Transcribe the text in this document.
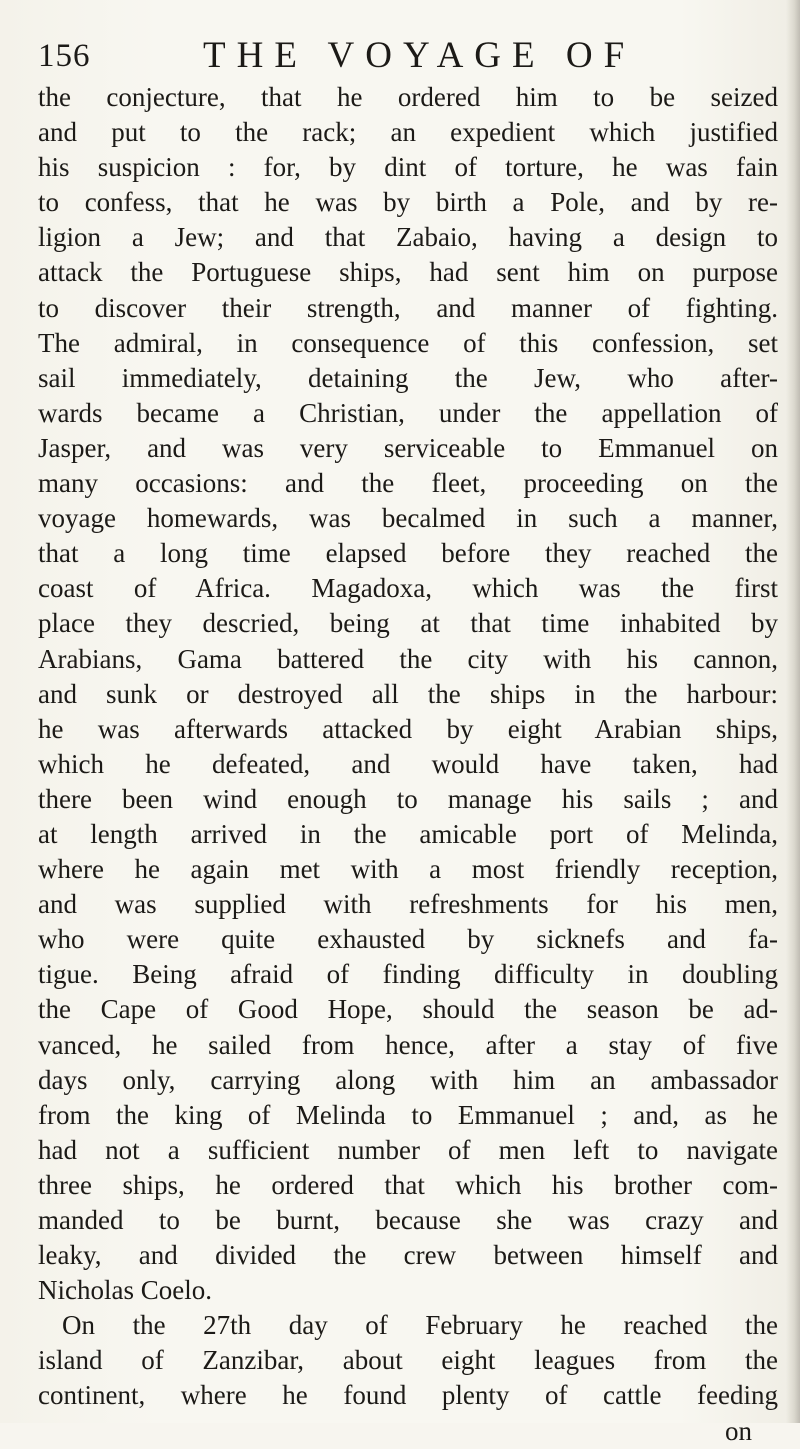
156	THE VOYAGE OF
the conjecture, that he ordered him to be seized
and put to the rack; an expedient which justified
his suspicion : for, by dint of torture, he was fain
to confess, that he was by birth a Pole, and by re-
ligion a Jew; and that Zabaio, having a design to
attack the Portuguese ships, had sent him on purpose
to discover their strength, and manner of fighting.
The admiral, in consequence of this confession, set
sail immediately, detaining the Jew, who after-
wards became a Christian, under the appellation of
Jasper, and was very serviceable to Emmanuel on
many occasions: and the fleet, proceeding on the
voyage homewards, was becalmed in such a manner,
that a long time elapsed before they reached the
coast of Africa. Magadoxa, which was the first
place they descried, being at that time inhabited by
Arabians, Gama battered the city with his cannon,
and sunk or destroyed all the ships in the harbour:
he was afterwards attacked by eight Arabian ships,
which he defeated, and would have taken, had
there been wind enough to manage his sails ; and
at length arrived in the amicable port of Melinda,
where he again met with a most friendly reception,
and was supplied with refreshments for his men,
who were quite exhausted by sicknefs and fa-
tigue. Being afraid of finding difficulty in doubling
the Cape of Good Hope, should the season be ad-
vanced, he sailed from hence, after a stay of five
days only, carrying along with him an ambassador
from the king of Melinda to Emmanuel ; and, as he
had not a sufficient number of men left to navigate
three ships, he ordered that which his brother com-
manded to be burnt, because she was crazy and
leaky, and divided the crew between himself and
Nicholas Coelo.
On the 27th day of February he reached the
island of Zanzibar, about eight leagues from the
continent, where he found plenty of cattle feeding
on
